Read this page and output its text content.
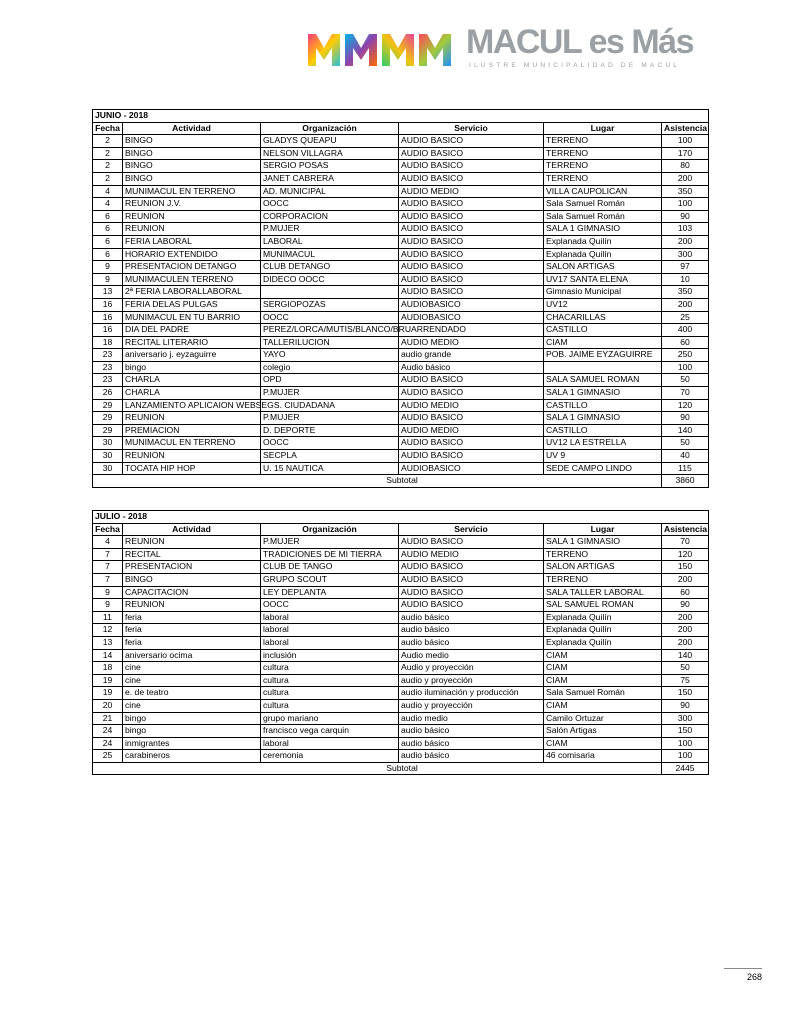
MACUL es Más
ILUSTRE MUNICIPALIDAD DE MACUL
JUNIO - 2018					
Fecha	Actividad	Organización	Servicio	Lugar	Asistencia
2	BINGO	GLADYS QUEAPU	AUDIO BASICO	TERRENO	100
2	BINGO	NELSON VILLAGRA	AUDIO BASICO	TERRENO	170
2	BINGO	SERGIO POSAS	AUDIO BASICO	TERRENO	80
2	BINGO	JANET CABRERA	AUDIO BASICO	TERRENO	200
4	MUNIMACUL EN TERRENO	AD. MUNICIPAL	AUDIO MEDIO	VILLA CAUPOLICAN	350
4	REUNION J.V.	OOCC	AUDIO BASICO	Sala Samuel Román	100
6	REUNION	CORPORACION	AUDIO BASICO	Sala Samuel Román	90
6	REUNION	P.MUJER	AUDIO BASICO	SALA 1 GIMNASIO	103
6	FERIA LABORAL	LABORAL	AUDIO BASICO	Explanada Quilín	200
6	HORARIO EXTENDIDO	MUNIMACUL	AUDIO BASICO	Explanada Quilín	300
9	PRESENTACION DETANGO	CLUB DETANGO	AUDIO BASICO	SALON ARTIGAS	97
9	MUNIMACULEN TERRENO	DIDECO OOCC	AUDIO BASICO	UV17 SANTA ELENA	10
13	2ª FERIA LABORALLABORAL		AUDIO BASICO	Gimnasio Municipal	350
16	FERIA DELAS PULGAS	SERGIOPOZAS	AUDIOBASICO	UV12	200
16	MUNIMACUL EN TU BARRIO	OOCC	AUDIOBASICO	CHACARILLAS	25
16	DIA DEL PADRE	PEREZ/LORCA/MUTIS/BLANCO/BRUARRENDADO		CASTILLO	400
18	RECITAL LITERARIO	TALLERILUCION	AUDIO MEDIO	CIAM	60
23	aniversario j. eyzaguirre	YAYO	audio grande	POB. JAIME EYZAGUIRRE	250
23	bingo	colegio	Audio básico		100
23	CHARLA	OPD	AUDIO BASICO	SALA SAMUEL ROMAN	50
26	CHARLA	P.MUJER	AUDIO BASICO	SALA 1 GIMNASIO	70
29	LANZAMIENTO APLICAION WEBSEGS. CIUDADANA		AUDIO MEDIO	CASTILLO	120
29	REUNION	P.MUJER	AUDIO BASICO	SALA 1 GIMNASIO	90
29	PREMIACION	D. DEPORTE	AUDIO MEDIO	CASTILLO	140
30	MUNIMACUL EN TERRENO	OOCC	AUDIO BASICO	UV12 LA ESTRELLA	50
30	REUNION	SECPLA	AUDIO BASICO	UV 9	40
30	TOCATA HIP HOP	U. 15 NAUTICA	AUDIOBASICO	SEDE CAMPO LINDO	115
		Subtotal			3860
JULIO - 2018					
Fecha	Actividad	Organización	Servicio	Lugar	Asistencia
4	REUNION	P.MUJER	AUDIO BASICO	SALA 1 GIMNASIO	70
7	RECITAL	TRADICIONES DE MI TIERRA	AUDIO MEDIO	TERRENO	120
7	PRESENTACION	CLUB DE TANGO	AUDIO BASICO	SALON ARTIGAS	150
7	BINGO	GRUPO SCOUT	AUDIO BASICO	TERRENO	200
9	CAPACITACION	LEY DEPLANTA	AUDIO BASICO	SALA TALLER LABORAL	60
9	REUNION	OOCC	AUDIO BASICO	SAL SAMUEL ROMAN	90
11	feria	laboral	audio básico	Explanada Quilín	200
12	feria	laboral	audio básico	Explanada Quilín	200
13	feria	laboral	audio básico	Explanada Quilín	200
14	aniversario ocima	inclusión	Audio medio	CIAM	140
18	cine	cultura	Audio y proyección	CIAM	50
19	cine	cultura	audio y proyección	CIAM	75
19	e. de teatro	cultura	audio iluminación y producción	Sala Samuel Román	150
20	cine	cultura	audio y proyección	CIAM	90
21	bingo	grupo mariano	audio medio	Camilo Ortuzar	300
24	bingo	francisco vega carquin	audio básico	Salón Artigas	150
24	inmigrantes	laboral	audio básico	CIAM	100
25	carabineros	ceremonia	audio básico	46 comisaria	100
		Subtotal			2445
268
